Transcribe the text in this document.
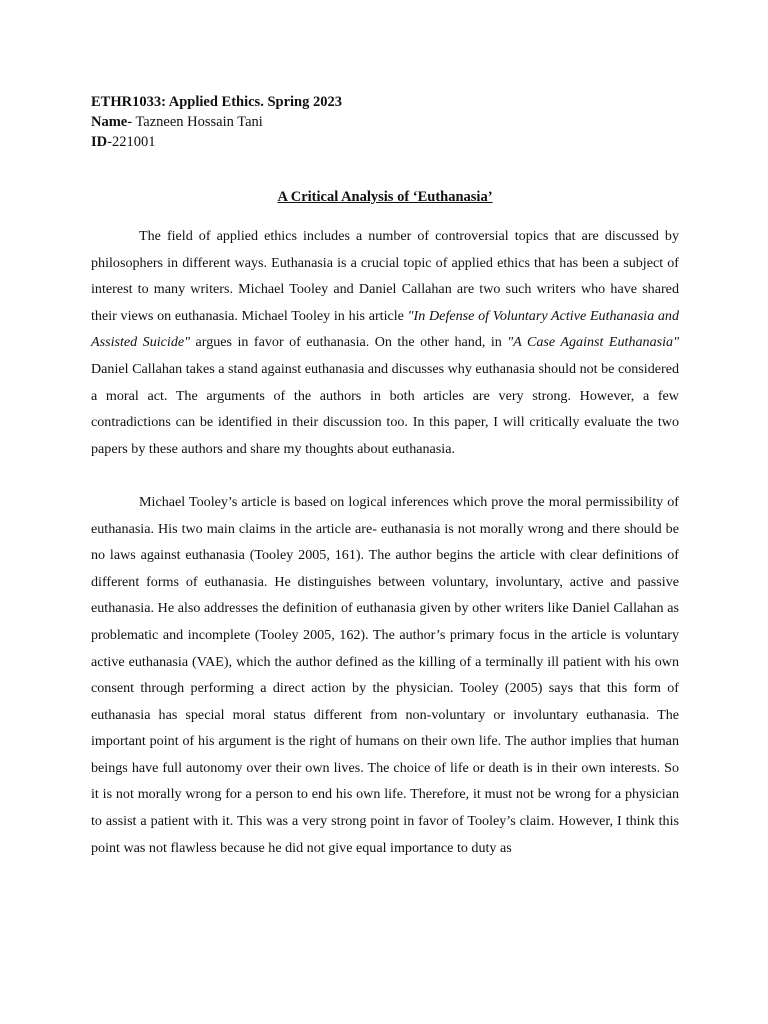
ETHR1033: Applied Ethics. Spring 2023

Name- Tazneen Hossain Tani

ID-221001

A Critical Analysis of ‘Euthanasia’

The field of applied ethics includes a number of controversial topics that are discussed by philosophers in different ways. Euthanasia is a crucial topic of applied ethics that has been a subject of interest to many writers. Michael Tooley and Daniel Callahan are two such writers who have shared their views on euthanasia. Michael Tooley in his article "In Defense of Voluntary Active Euthanasia and Assisted Suicide" argues in favor of euthanasia. On the other hand, in "A Case Against Euthanasia" Daniel Callahan takes a stand against euthanasia and discusses why euthanasia should not be considered a moral act. The arguments of the authors in both articles are very strong. However, a few contradictions can be identified in their discussion too. In this paper, I will critically evaluate the two papers by these authors and share my thoughts about euthanasia.

Michael Tooley’s article is based on logical inferences which prove the moral permissibility of euthanasia. His two main claims in the article are- euthanasia is not morally wrong and there should be no laws against euthanasia (Tooley 2005, 161). The author begins the article with clear definitions of different forms of euthanasia. He distinguishes between voluntary, involuntary, active and passive euthanasia. He also addresses the definition of euthanasia given by other writers like Daniel Callahan as problematic and incomplete (Tooley 2005, 162). The author’s primary focus in the article is voluntary active euthanasia (VAE), which the author defined as the killing of a terminally ill patient with his own consent through performing a direct action by the physician. Tooley (2005) says that this form of euthanasia has special moral status different from non-voluntary or involuntary euthanasia. The important point of his argument is the right of humans on their own life. The author implies that human beings have full autonomy over their own lives. The choice of life or death is in their own interests. So it is not morally wrong for a person to end his own life. Therefore, it must not be wrong for a physician to assist a patient with it. This was a very strong point in favor of Tooley’s claim. However, I think this point was not flawless because he did not give equal importance to duty as
